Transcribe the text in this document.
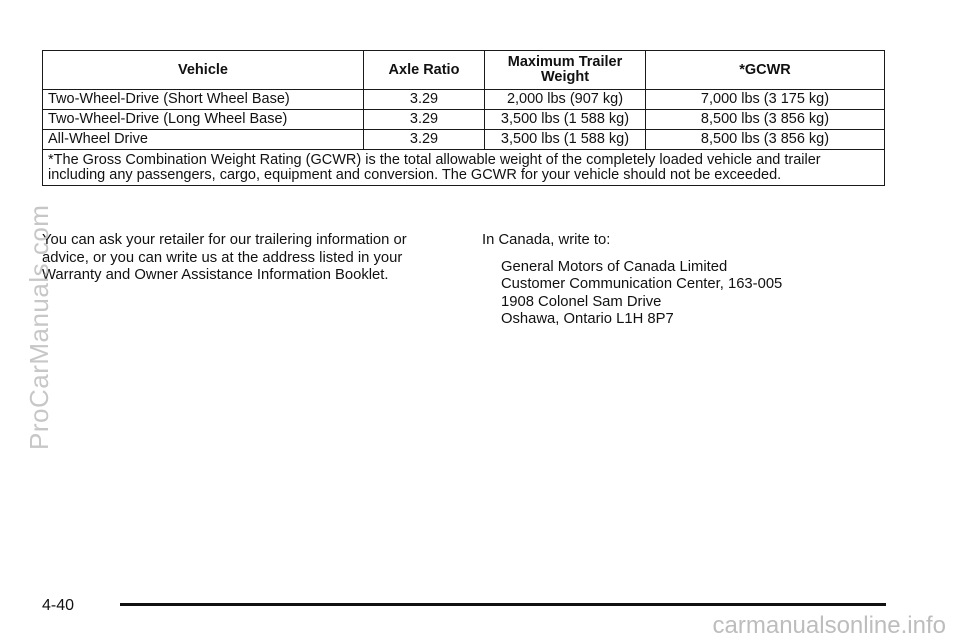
Vehicle	Axle Ratio	Maximum Trailer Weight	*GCWR
Two-Wheel-Drive (Short Wheel Base)	3.29	2,000 lbs (907 kg)	7,000 lbs (3 175 kg)
Two-Wheel-Drive (Long Wheel Base)	3.29	3,500 lbs (1 588 kg)	8,500 lbs (3 856 kg)
All-Wheel Drive	3.29	3,500 lbs (1 588 kg)	8,500 lbs (3 856 kg)
*The Gross Combination Weight Rating (GCWR) is the total allowable weight of the completely loaded vehicle and trailer including any passengers, cargo, equipment and conversion. The GCWR for your vehicle should not be exceeded.			

You can ask your retailer for our trailering information or advice, or you can write us at the address listed in your Warranty and Owner Assistance Information Booklet.

In Canada, write to:

General Motors of Canada Limited
Customer Communication Center, 163-005
1908 Colonel Sam Drive
Oshawa, Ontario L1H 8P7
ProCarManuals.com
4-40
carmanualsonline.info
